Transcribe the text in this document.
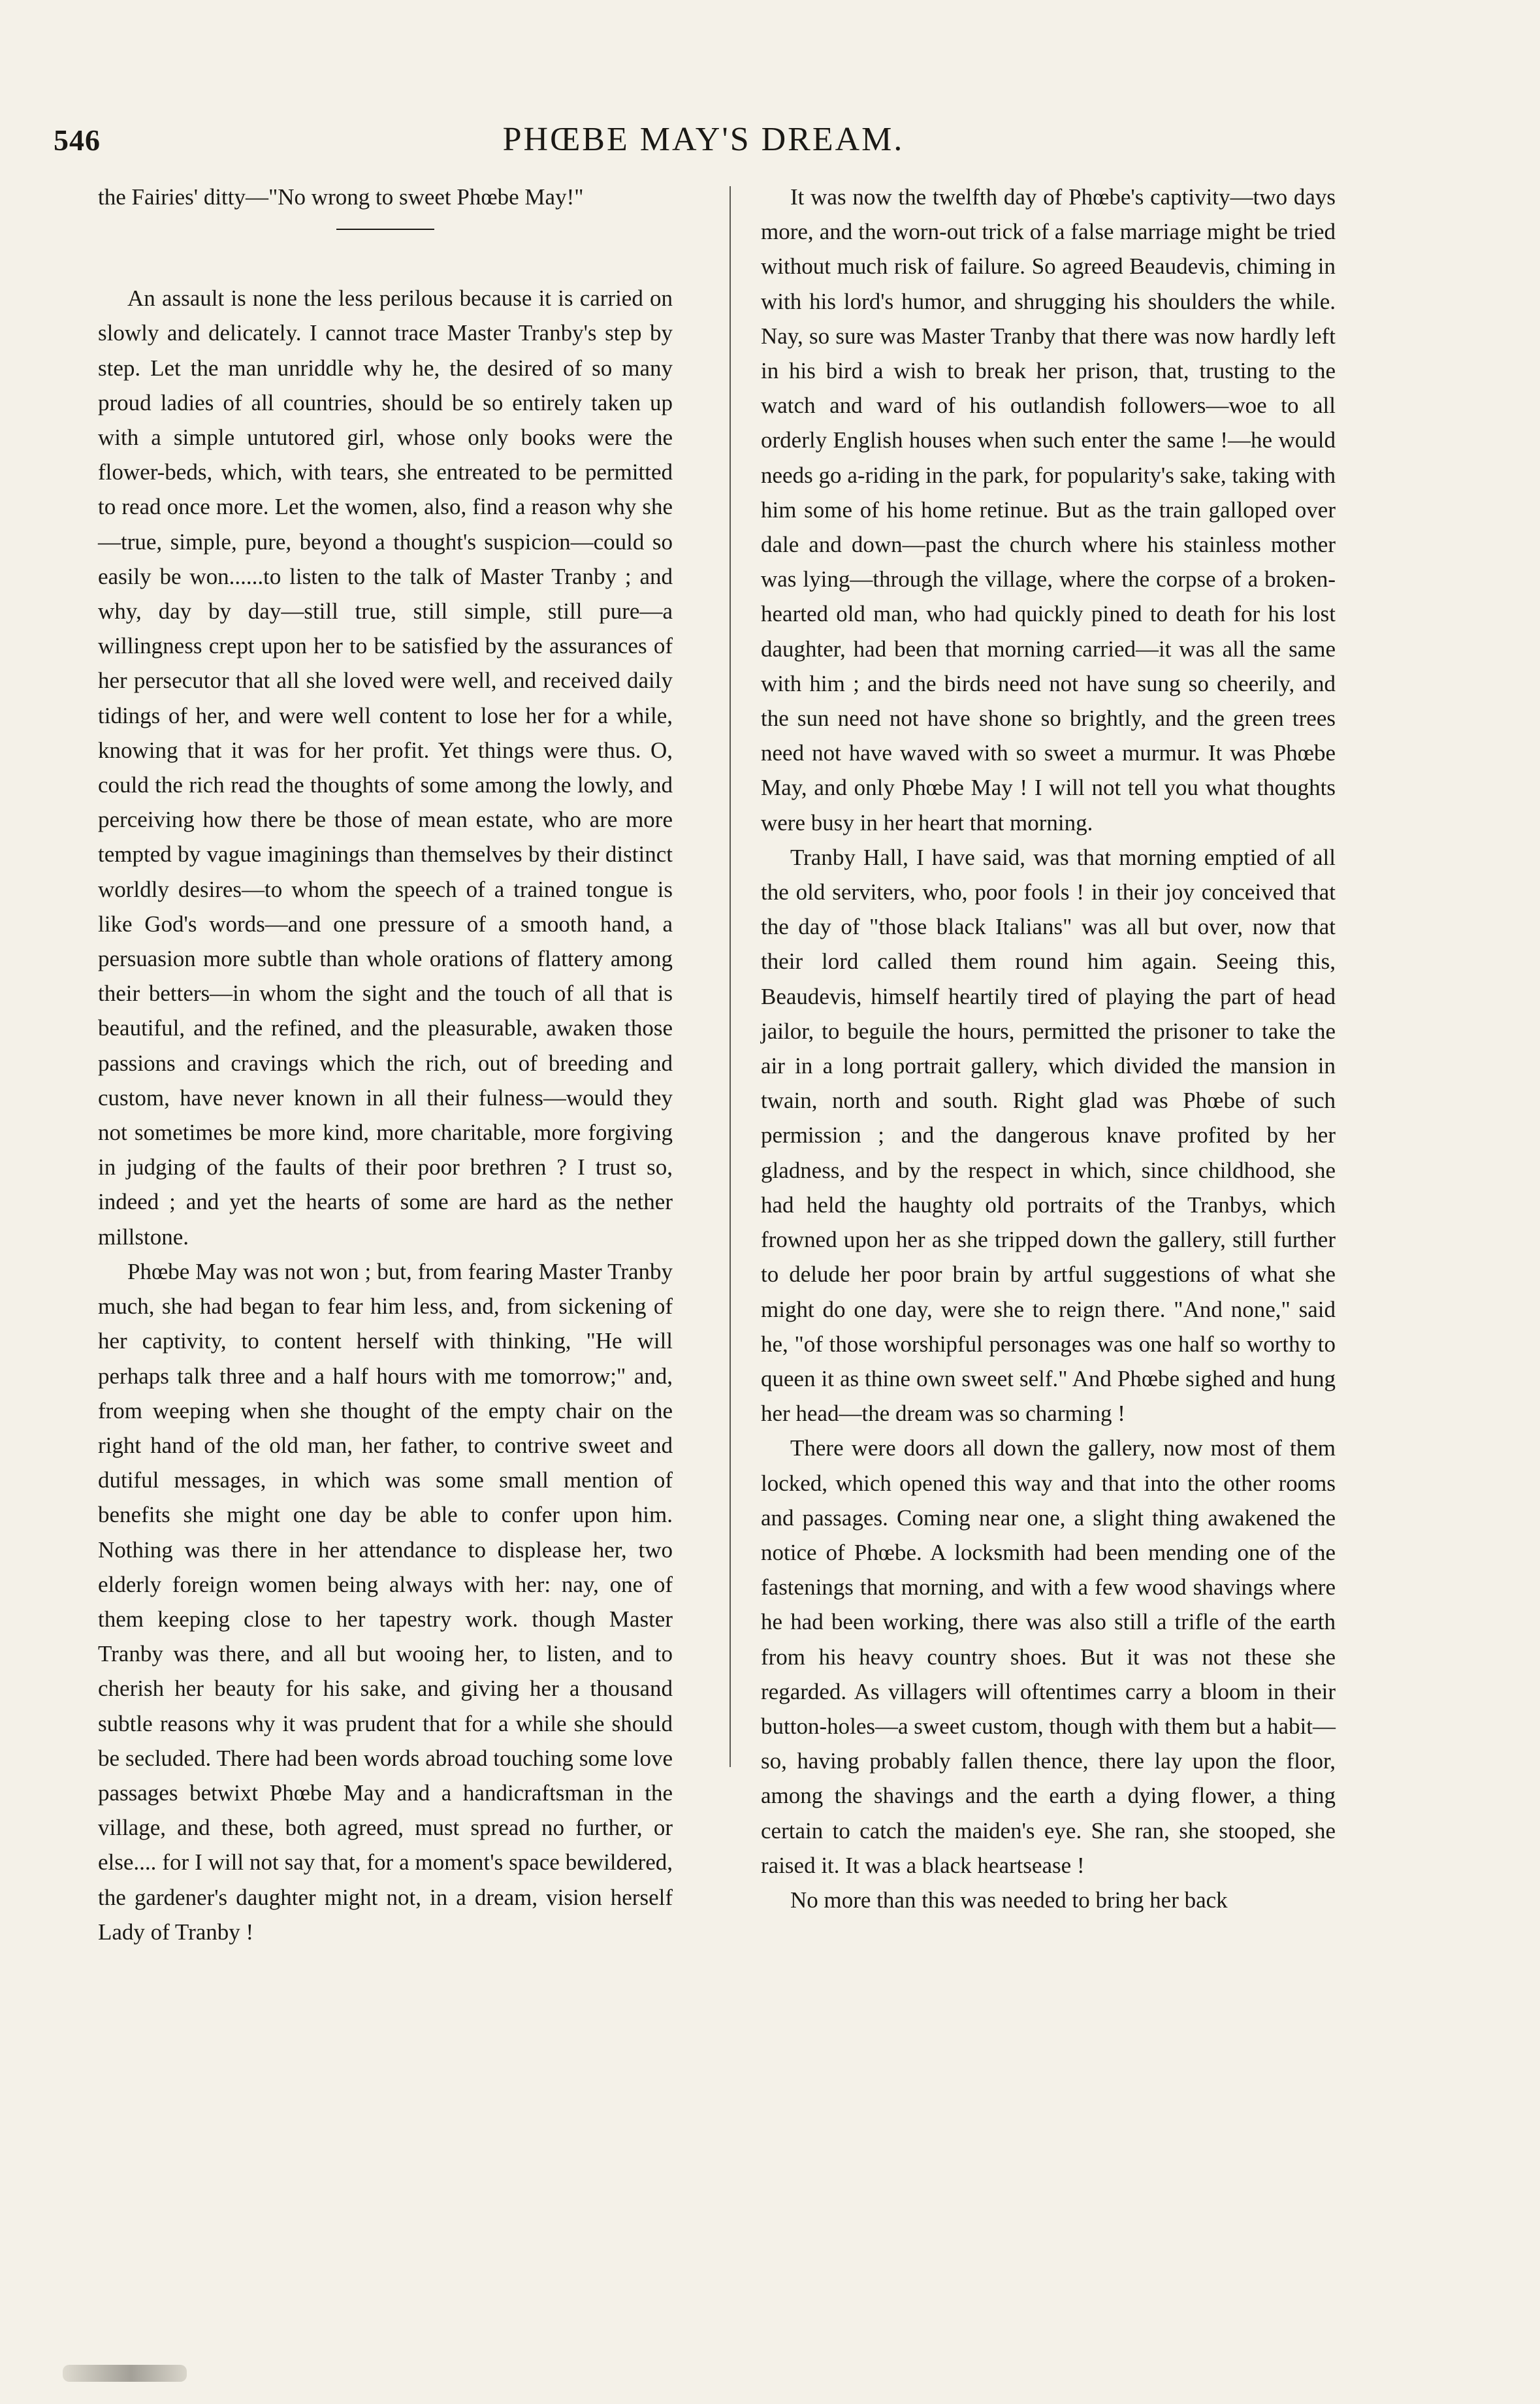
546	PHŒBE MAY'S DREAM.

the Fairies' ditty—"No wrong to sweet Phœbe May!"

An assault is none the less perilous because it is carried on slowly and delicately. I cannot trace Master Tranby's step by step. Let the man unriddle why he, the desired of so many proud ladies of all countries, should be so entirely taken up with a simple untutored girl, whose only books were the flower-beds, which, with tears, she entreated to be permitted to read once more. Let the women, also, find a reason why she—true, simple, pure, beyond a thought's suspicion—could so easily be won......to listen to the talk of Master Tranby ; and why, day by day—still true, still simple, still pure—a willingness crept upon her to be satisfied by the assurances of her persecutor that all she loved were well, and received daily tidings of her, and were well content to lose her for a while, knowing that it was for her profit. Yet things were thus. O, could the rich read the thoughts of some among the lowly, and perceiving how there be those of mean estate, who are more tempted by vague imaginings than themselves by their distinct worldly desires—to whom the speech of a trained tongue is like God's words—and one pressure of a smooth hand, a persuasion more subtle than whole orations of flattery among their betters—in whom the sight and the touch of all that is beautiful, and the refined, and the pleasurable, awaken those passions and cravings which the rich, out of breeding and custom, have never known in all their fulness—would they not sometimes be more kind, more charitable, more forgiving in judging of the faults of their poor brethren ? I trust so, indeed ; and yet the hearts of some are hard as the nether millstone.

Phœbe May was not won ; but, from fearing Master Tranby much, she had began to fear him less, and, from sickening of her captivity, to content herself with thinking, "He will perhaps talk three and a half hours with me tomorrow;" and, from weeping when she thought of the empty chair on the right hand of the old man, her father, to contrive sweet and dutiful messages, in which was some small mention of benefits she might one day be able to confer upon him. Nothing was there in her attendance to displease her, two elderly foreign women being always with her: nay, one of them keeping close to her tapestry work. though Master Tranby was there, and all but wooing her, to listen, and to cherish her beauty for his sake, and giving her a thousand subtle reasons why it was prudent that for a while she should be secluded. There had been words abroad touching some love passages betwixt Phœbe May and a handicraftsman in the village, and these, both agreed, must spread no further, or else.... for I will not say that, for a moment's space bewildered, the gardener's daughter might not, in a dream, vision herself Lady of Tranby !

It was now the twelfth day of Phœbe's captivity—two days more, and the worn-out trick of a false marriage might be tried without much risk of failure. So agreed Beaudevis, chiming in with his lord's humor, and shrugging his shoulders the while. Nay, so sure was Master Tranby that there was now hardly left in his bird a wish to break her prison, that, trusting to the watch and ward of his outlandish followers—woe to all orderly English houses when such enter the same !—he would needs go a-riding in the park, for popularity's sake, taking with him some of his home retinue. But as the train galloped over dale and down—past the church where his stainless mother was lying—through the village, where the corpse of a broken-hearted old man, who had quickly pined to death for his lost daughter, had been that morning carried—it was all the same with him ; and the birds need not have sung so cheerily, and the sun need not have shone so brightly, and the green trees need not have waved with so sweet a murmur. It was Phœbe May, and only Phœbe May ! I will not tell you what thoughts were busy in her heart that morning.

Tranby Hall, I have said, was that morning emptied of all the old serviters, who, poor fools ! in their joy conceived that the day of "those black Italians" was all but over, now that their lord called them round him again. Seeing this, Beaudevis, himself heartily tired of playing the part of head jailor, to beguile the hours, permitted the prisoner to take the air in a long portrait gallery, which divided the mansion in twain, north and south. Right glad was Phœbe of such permission ; and the dangerous knave profited by her gladness, and by the respect in which, since childhood, she had held the haughty old portraits of the Tranbys, which frowned upon her as she tripped down the gallery, still further to delude her poor brain by artful suggestions of what she might do one day, were she to reign there. "And none," said he, "of those worshipful personages was one half so worthy to queen it as thine own sweet self." And Phœbe sighed and hung her head—the dream was so charming !

There were doors all down the gallery, now most of them locked, which opened this way and that into the other rooms and passages. Coming near one, a slight thing awakened the notice of Phœbe. A locksmith had been mending one of the fastenings that morning, and with a few wood shavings where he had been working, there was also still a trifle of the earth from his heavy country shoes. But it was not these she regarded. As villagers will oftentimes carry a bloom in their button-holes—a sweet custom, though with them but a habit—so, having probably fallen thence, there lay upon the floor, among the shavings and the earth a dying flower, a thing certain to catch the maiden's eye. She ran, she stooped, she raised it. It was a black heartsease !

No more than this was needed to bring her back
